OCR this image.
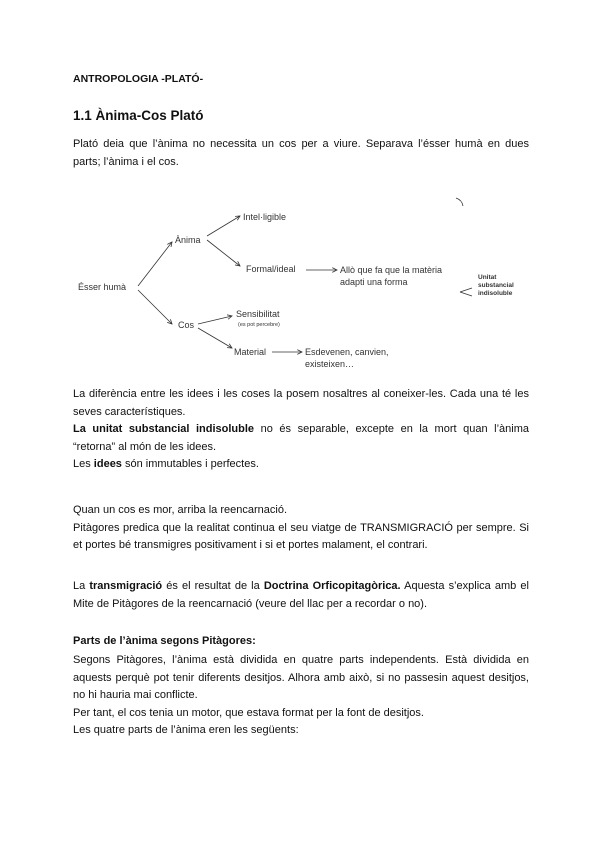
ANTROPOLOGIA -PLATÓ-
1.1 Ànima-Cos Plató
Plató deia que l’ànima no necessita un cos per a viure. Separava l’ésser humà en dues
parts; l’ànima i el cos.
Ésser humà
Ànima
Intel·ligible
Formal/ideal	Allò que fa que la matèria
adapti una forma
Cos
Sensibilitat
(es pot percebre)
Material	Esdevenen, canvien,
existeixen…
Unitat
substancial
indisoluble
La diferència entre les idees i les coses la posem nosaltres al coneixer-les. Cada una té les
seves característiques.
La unitat substancial indisoluble no és separable, excepte en la mort quan l’ànima
“retorna” al món de les idees.
Les idees són immutables i perfectes.
Quan un cos es mor, arriba la reencarnació.
Pitàgores predica que la realitat continua el seu viatge de TRANSMIGRACIÓ per sempre. Si
et portes bé transmigres positivament i si et portes malament, el contrari.
La transmigració és el resultat de la Doctrina Orficopitagòrica. Aquesta s’explica amb el
Mite de Pitàgores de la reencarnació (veure del llac per a recordar o no).
Parts de l’ànima segons Pitàgores:
Segons Pitàgores, l’ànima està dividida en quatre parts independents. Està dividida en
aquests perquè pot tenir diferents desitjos. Alhora amb això, si no passesin aquest desitjos,
no hi hauria mai conflicte.
Per tant, el cos tenia un motor, que estava format per la font de desitjos.
Les quatre parts de l’ànima eren les següents:
